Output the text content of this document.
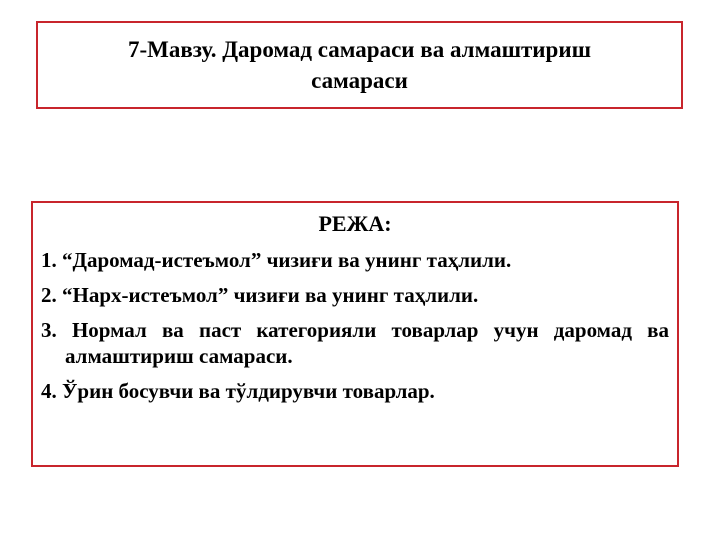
7-Мавзу. Даромад самараси ва алмаштириш самараси
РЕЖА:
1. “Даромад-истеъмол” чизиғи ва унинг таҳлили.
2. “Нарх-истеъмол” чизиғи ва унинг таҳлили.
3. Нормал ва паст категорияли товарлар учун даромад ва алмаштириш самараси.
4. Ўрин босувчи ва тўлдирувчи товарлар.
